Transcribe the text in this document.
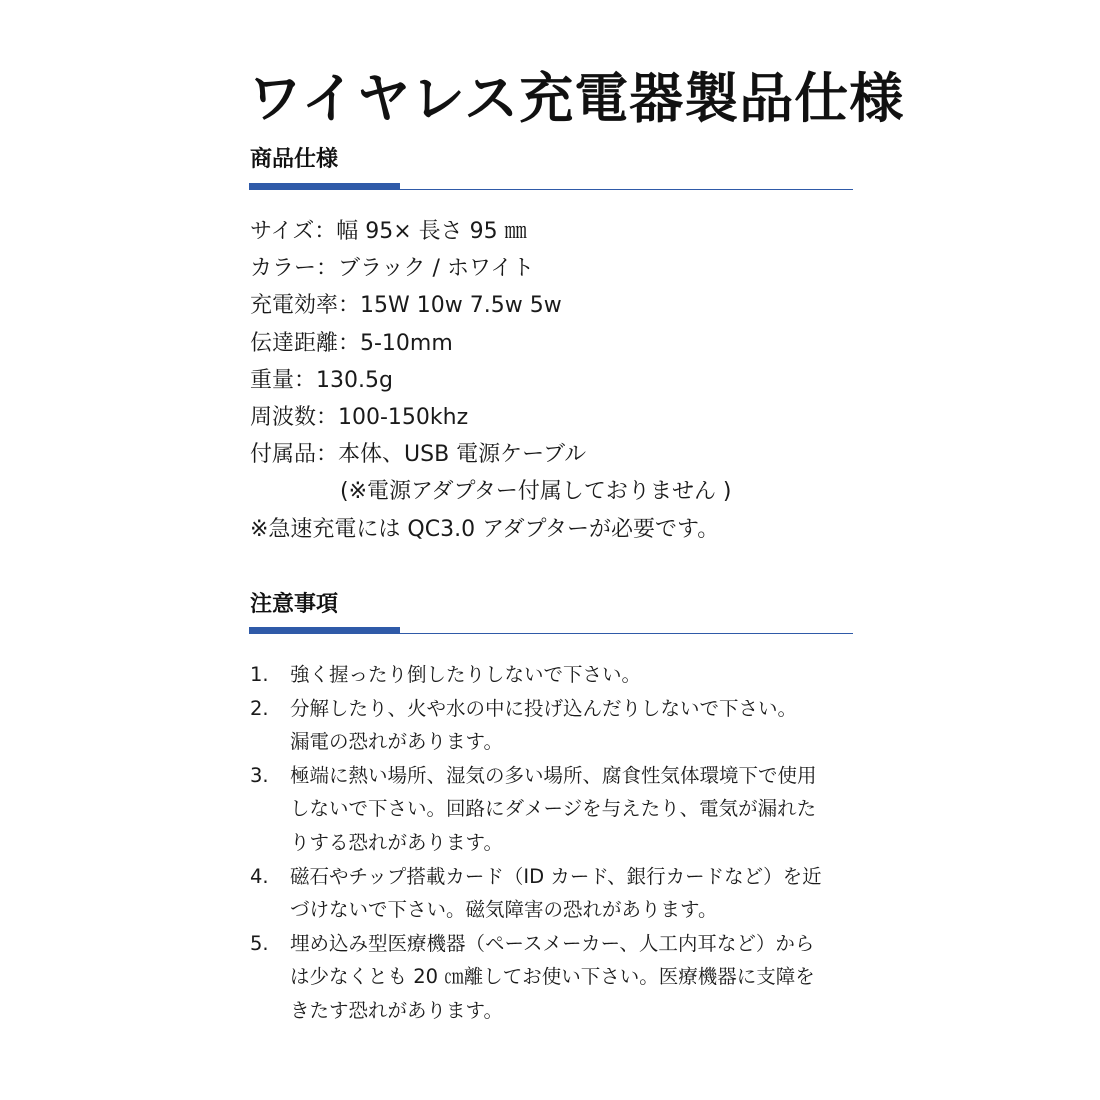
ワイヤレス充電器製品仕様
商品仕様
サイズ：幅 95× 長さ 95 ㎜
カラー：ブラック / ホワイト
充電効率：15W 10w 7.5w 5w
伝達距離：5-10mm
重量：130.5g
周波数：100-150khz
付属品：本体、USB 電源ケーブル
(※電源アダプター付属しておりません )
※急速充電には QC3.0 アダプターが必要です。
注意事項
1. 強く握ったり倒したりしないで下さい。
2. 分解したり、火や水の中に投げ込んだりしないで下さい。
漏電の恐れがあります。
3. 極端に熱い場所、湿気の多い場所、腐食性気体環境下で使用
しないで下さい。回路にダメージを与えたり、電気が漏れた
りする恐れがあります。
4. 磁石やチップ搭載カード（ID カード、銀行カードなど）を近
づけないで下さい。磁気障害の恐れがあります。
5. 埋め込み型医療機器（ペースメーカー、人工内耳など）から
は少なくとも 20 ㎝離してお使い下さい。医療機器に支障を
きたす恐れがあります。
